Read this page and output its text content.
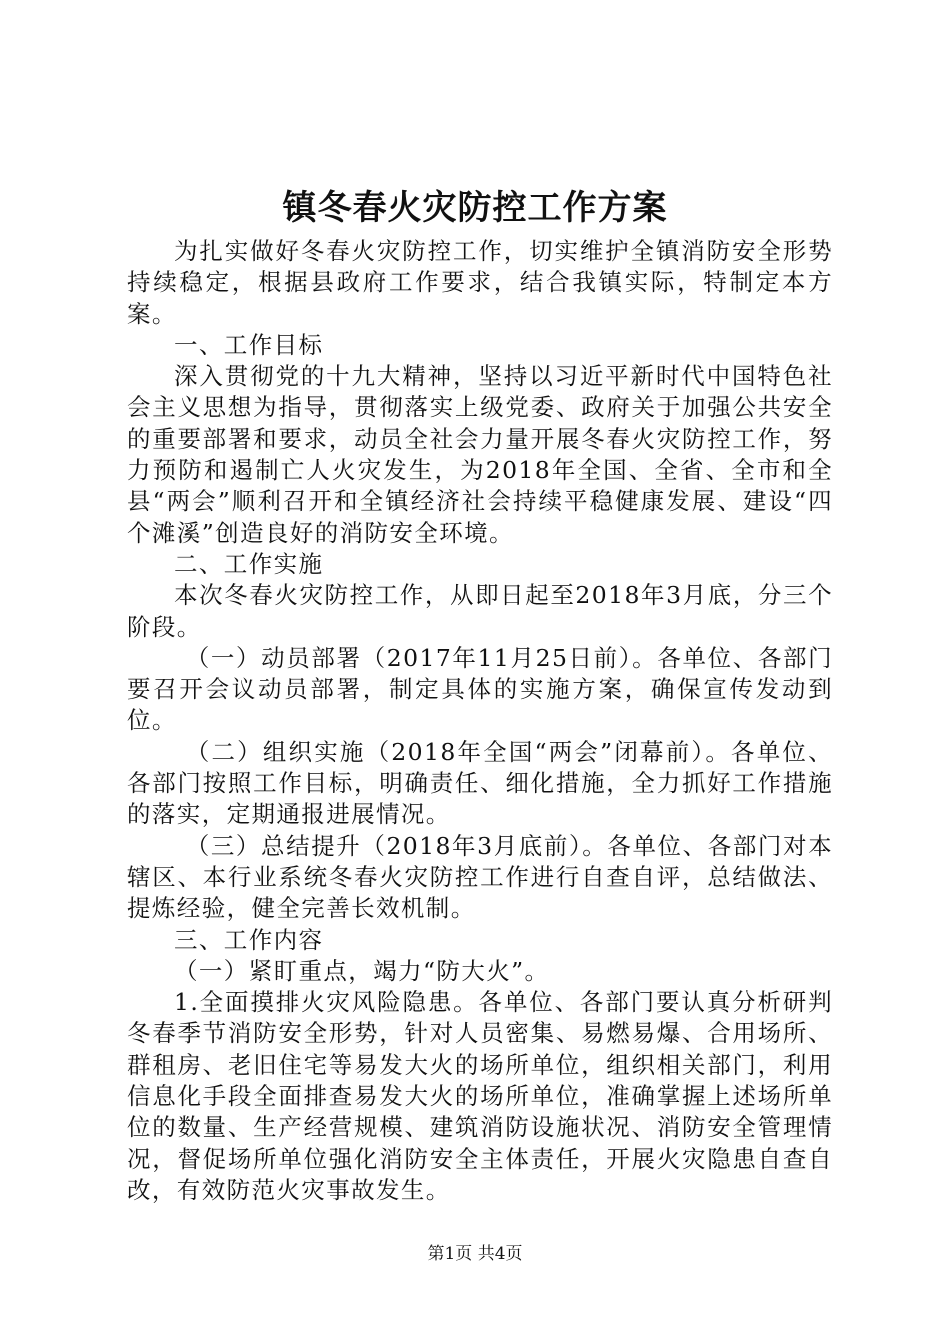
镇冬春火灾防控工作方案

为扎实做好冬春火灾防控工作，切实维护全镇消防安全形势持续稳定，根据县政府工作要求，结合我镇实际，特制定本方案。

一、工作目标

深入贯彻党的十九大精神，坚持以习近平新时代中国特色社会主义思想为指导，贯彻落实上级党委、政府关于加强公共安全的重要部署和要求，动员全社会力量开展冬春火灾防控工作，努力预防和遏制亡人火灾发生，为2018年全国、全省、全市和全县“两会”顺利召开和全镇经济社会持续平稳健康发展、建设“四个滩溪”创造良好的消防安全环境。

二、工作实施

本次冬春火灾防控工作，从即日起至2018年3月底，分三个阶段。

（一）动员部署（2017年11月25日前）。各单位、各部门要召开会议动员部署，制定具体的实施方案，确保宣传发动到位。

（二）组织实施（2018年全国“两会”闭幕前）。各单位、各部门按照工作目标，明确责任、细化措施，全力抓好工作措施的落实，定期通报进展情况。

（三）总结提升（2018年3月底前）。各单位、各部门对本辖区、本行业系统冬春火灾防控工作进行自查自评，总结做法、提炼经验，健全完善长效机制。

三、工作内容

（一）紧盯重点，竭力“防大火”。

1.全面摸排火灾风险隐患。各单位、各部门要认真分析研判冬春季节消防安全形势，针对人员密集、易燃易爆、合用场所、群租房、老旧住宅等易发大火的场所单位，组织相关部门，利用信息化手段全面排查易发大火的场所单位，准确掌握上述场所单位的数量、生产经营规模、建筑消防设施状况、消防安全管理情况，督促场所单位强化消防安全主体责任，开展火灾隐患自查自改，有效防范火灾事故发生。

第1页 共4页
